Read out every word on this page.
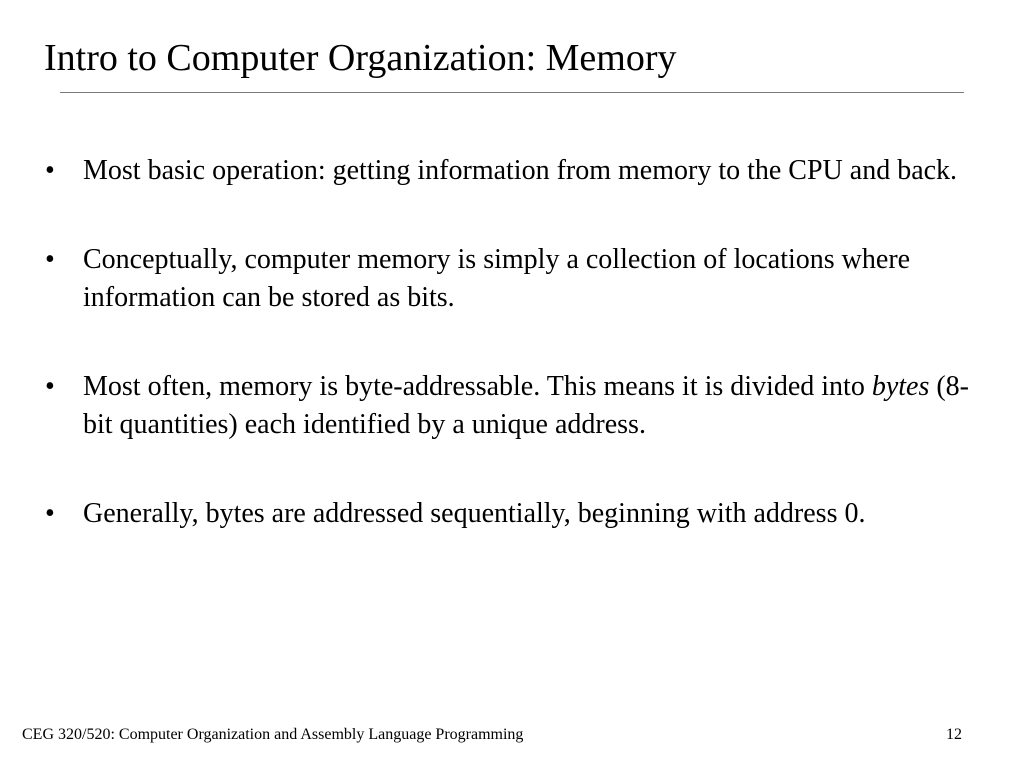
Intro to Computer Organization: Memory
• Most basic operation: getting information from memory to the CPU and back.
• Conceptually, computer memory is simply a collection of locations where information can be stored as bits.
• Most often, memory is byte-addressable. This means it is divided into bytes (8-bit quantities) each identified by a unique address.
• Generally, bytes are addressed sequentially, beginning with address 0.
CEG 320/520: Computer Organization and Assembly Language Programming	12
